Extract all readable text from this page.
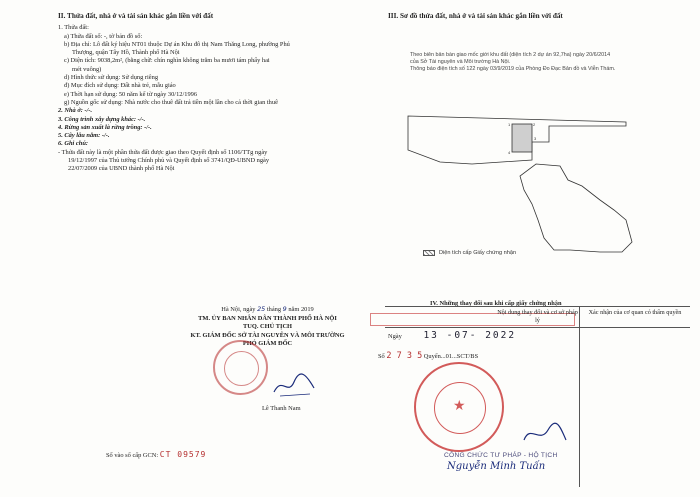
II. Thửa đất, nhà ở và tài sản khác gắn liền với đất
1. Thửa đất:
a) Thửa đất số: -, tờ bản đồ số:
b) Địa chỉ: Lô đất ký hiệu NT01 thuộc Dự án Khu đô thị Nam Thăng Long, phường Phú
Thượng, quận Tây Hồ, Thành phố Hà Nội
c) Diện tích: 9038,2m², (bằng chữ: chín nghìn không trăm ba mươi tám phẩy hai
mét vuông)
d) Hình thức sử dụng: Sử dụng riêng
đ) Mục đích sử dụng: Đất nhà trẻ, mẫu giáo
e) Thời hạn sử dụng: 50 năm kể từ ngày 30/12/1996
g) Nguồn gốc sử dụng: Nhà nước cho thuê đất trả tiền một lần cho cả thời gian thuê
2. Nhà ở: -/-.
3. Công trình xây dựng khác: -/-.
4. Rừng sản xuất là rừng trồng: -/-.
5. Cây lâu năm: -/-.
6. Ghi chú:
- Thửa đất này là một phần thửa đất được giao theo Quyết định số 1106/TTg ngày
19/12/1997 của Thủ tướng Chính phủ và Quyết định số 3741/QĐ-UBND ngày
22/07/2009 của UBND thành phố Hà Nội
Hà Nội, ngày 25 tháng 9 năm 2019
TM. ỦY BAN NHÂN DÂN THÀNH PHỐ HÀ NỘI
TUQ. CHỦ TỊCH
KT. GIÁM ĐỐC SỞ TÀI NGUYÊN VÀ MÔI TRƯỜNG
PHÓ GIÁM ĐỐC
Lê Thanh Nam
Số vào sổ cấp GCN: CT 09579
III. Sơ đồ thửa đất, nhà ở và tài sản khác gắn liền với đất
Theo biên bản bàn giao mốc giới khu đất (diện tích 2 dự án 92,7ha) ngày 20/6/2014
của Sở Tài nguyên và Môi trường Hà Nội.
Thông báo điện tích số 122 ngày 03/9/2019 của Phòng Đo Đạc Bản đồ và Viễn Thám.
1	2
3
4
Diện tích cấp Giấy chứng nhận
IV. Những thay đổi sau khi cấp giấy chứng nhận
Nội dung thay đổi và cơ sở pháp lý
Xác nhận của cơ quan có thẩm quyền
Ngày 13 -07- 2022
Số 2 7 3 5 Quyển...01...SCT/BS
★
CÔNG CHỨC TƯ PHÁP - HỘ TỊCH
Nguyễn Minh Tuấn
